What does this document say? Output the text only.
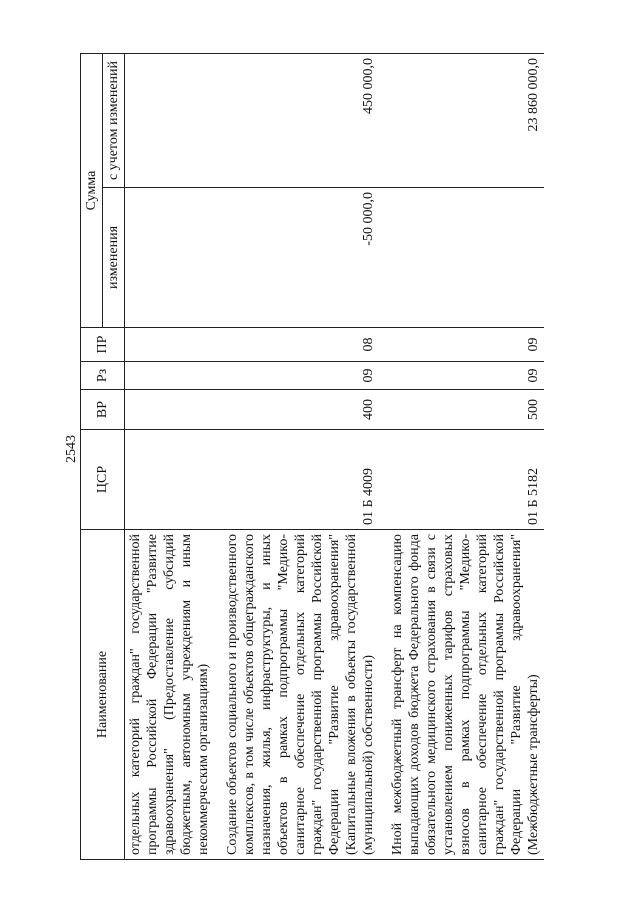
2543
Наименование	ЦСР	ВР	Рз	ПР	Сумма	
					изменения	с учетом изменений
отдельных категорий граждан" государственной программы Российской Федерации "Развитие здравоохранения" (Предоставление субсидий бюджетным, автономным учреждениям и иным некоммерческим организациям)						
Создание объектов социального и производственного комплексов, в том числе объектов общегражданского назначения, жилья, инфраструктуры, и иных объектов в рамках подпрограммы "Медико-санитарное обеспечение отдельных категорий граждан" государственной программы Российской Федерации "Развитие здравоохранения" (Капитальные вложения в объекты государственной (муниципальной) собственности)	01 Б 4009	400	09	08	-50 000,0	450 000,0
Иной межбюджетный трансферт на компенсацию выпадающих доходов бюджета Федерального фонда обязательного медицинского страхования в связи с установлением пониженных тарифов страховых взносов в рамках подпрограммы "Медико-санитарное обеспечение отдельных категорий граждан" государственной программы Российской Федерации "Развитие здравоохранения" (Межбюджетные трансферты)	01 Б 5182	500	09	09		23 860 000,0
